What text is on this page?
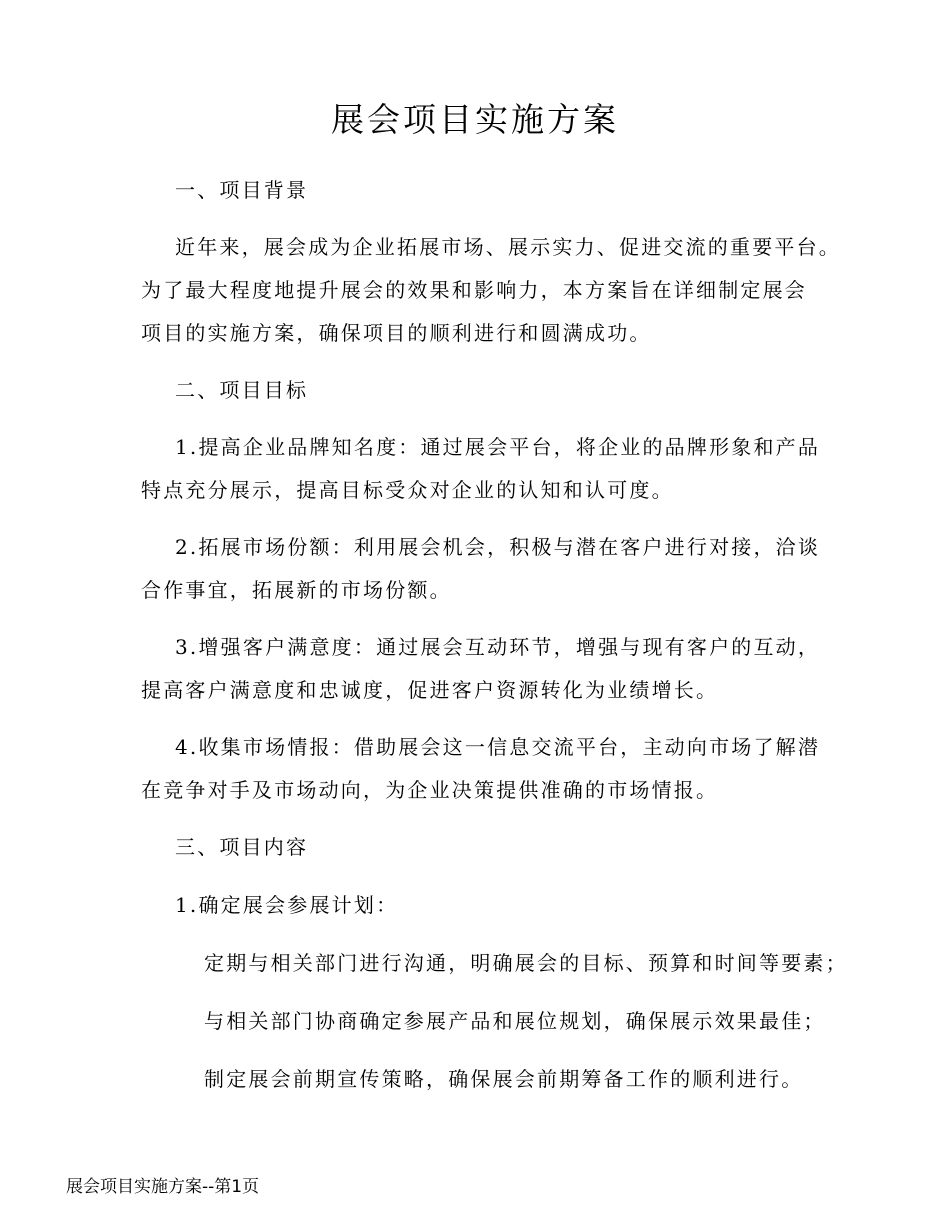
展会项目实施方案
一、项目背景
近年来，展会成为企业拓展市场、展示实力、促进交流的重要平台。
为了最大程度地提升展会的效果和影响力，本方案旨在详细制定展会
项目的实施方案，确保项目的顺利进行和圆满成功。
二、项目目标
1.提高企业品牌知名度：通过展会平台，将企业的品牌形象和产品
特点充分展示，提高目标受众对企业的认知和认可度。
2.拓展市场份额：利用展会机会，积极与潜在客户进行对接，洽谈
合作事宜，拓展新的市场份额。
3.增强客户满意度：通过展会互动环节，增强与现有客户的互动，
提高客户满意度和忠诚度，促进客户资源转化为业绩增长。
4.收集市场情报：借助展会这一信息交流平台，主动向市场了解潜
在竞争对手及市场动向，为企业决策提供准确的市场情报。
三、项目内容
1.确定展会参展计划：
定期与相关部门进行沟通，明确展会的目标、预算和时间等要素；
与相关部门协商确定参展产品和展位规划，确保展示效果最佳；
制定展会前期宣传策略，确保展会前期筹备工作的顺利进行。
展会项目实施方案--第1页
